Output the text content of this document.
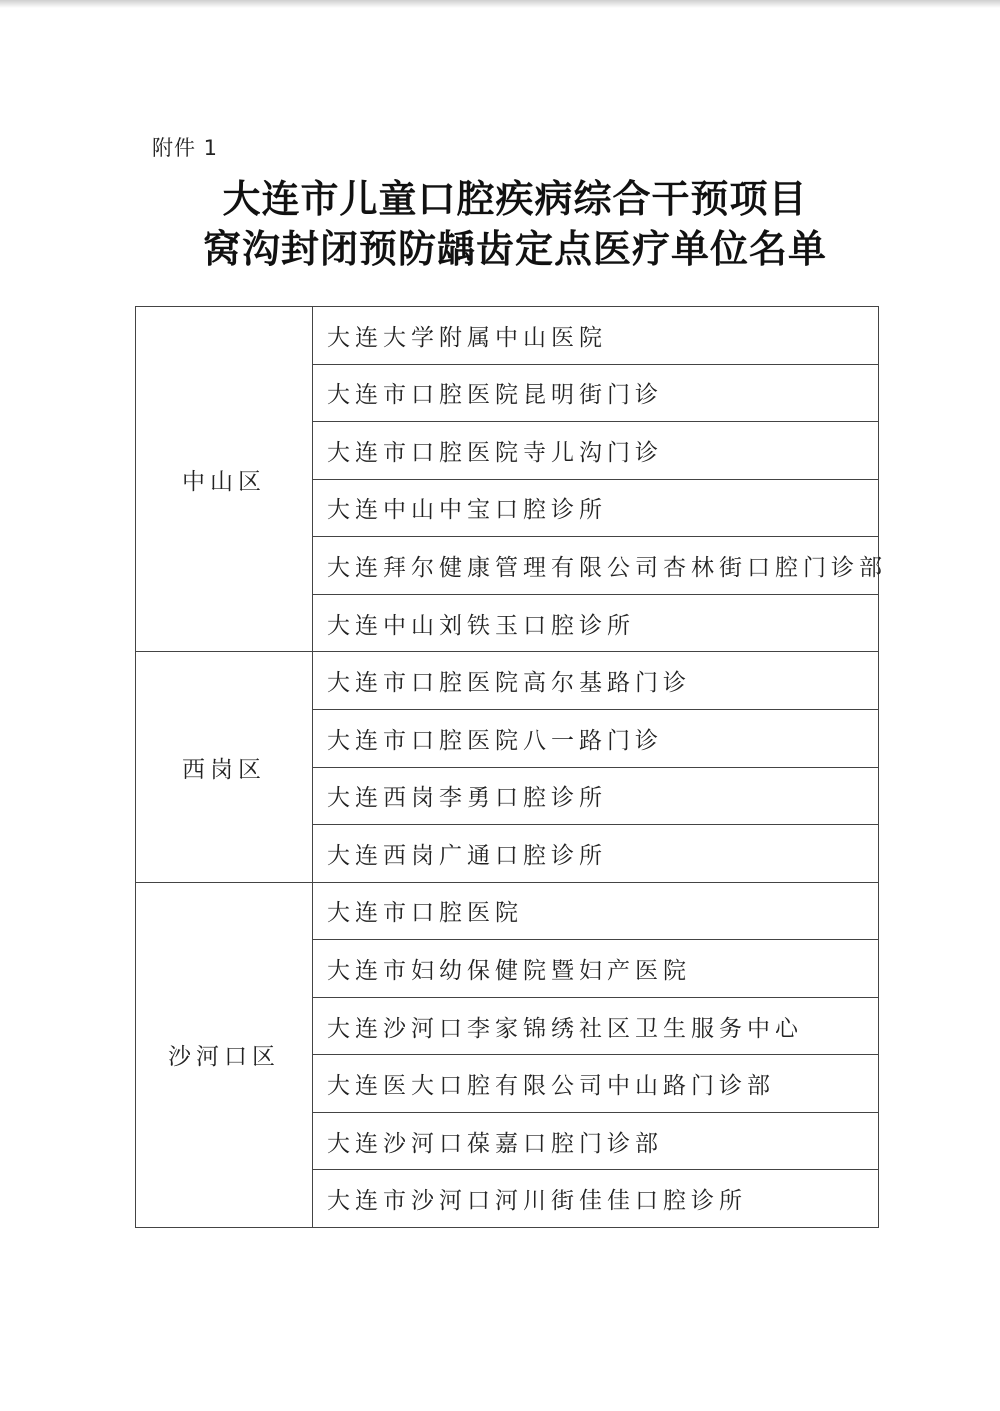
附件 1
大连市儿童口腔疾病综合干预项目
窝沟封闭预防龋齿定点医疗单位名单
中山区	大连大学附属中山医院
	大连市口腔医院昆明街门诊
	大连市口腔医院寺儿沟门诊
	大连中山中宝口腔诊所
	大连拜尔健康管理有限公司杏林街口腔门诊部
	大连中山刘铁玉口腔诊所
西岗区	大连市口腔医院高尔基路门诊
	大连市口腔医院八一路门诊
	大连西岗李勇口腔诊所
	大连西岗广通口腔诊所
沙河口区	大连市口腔医院
	大连市妇幼保健院暨妇产医院
	大连沙河口李家锦绣社区卫生服务中心
	大连医大口腔有限公司中山路门诊部
	大连沙河口葆嘉口腔门诊部
	大连市沙河口河川街佳佳口腔诊所
